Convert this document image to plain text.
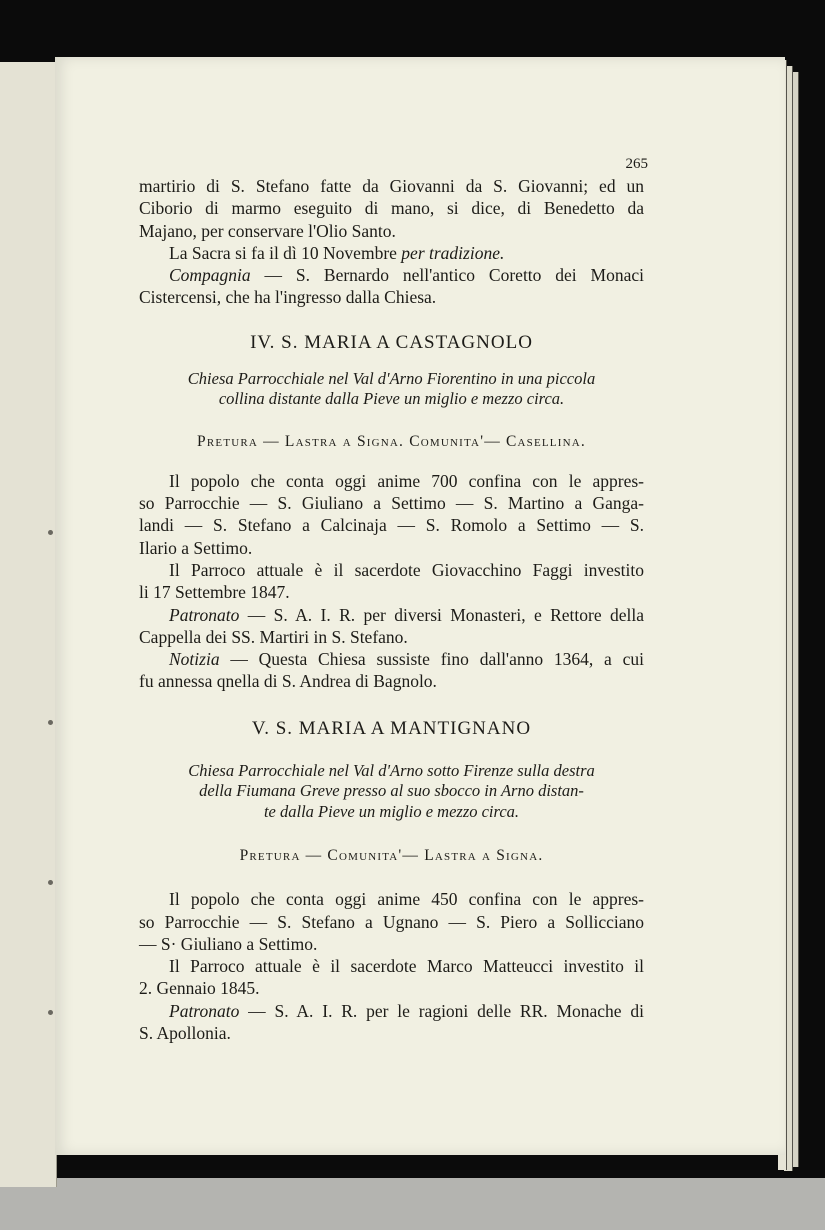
265
martirio di S. Stefano fatte da Giovanni da S. Giovanni; ed un
Ciborio di marmo eseguito di mano, si dice, di Benedetto da
Majano, per conservare l'Olio Santo.
La Sacra si fa il dì 10 Novembre per tradizione.
Compagnia — S. Bernardo nell'antico Coretto dei Monaci
Cistercensi, che ha l'ingresso dalla Chiesa.
IV. S. MARIA A CASTAGNOLO
Chiesa Parrocchiale nel Val d'Arno Fiorentino in una piccola
collina distante dalla Pieve un miglio e mezzo circa.
Pretura — Lastra a Signa. Comunita'— Casellina.
Il popolo che conta oggi anime 700 confina con le appres-
so Parrocchie — S. Giuliano a Settimo — S. Martino a Ganga-
landi — S. Stefano a Calcinaja — S. Romolo a Settimo — S.
Ilario a Settimo.
Il Parroco attuale è il sacerdote Giovacchino Faggi investito
li 17 Settembre 1847.
Patronato — S. A. I. R. per diversi Monasteri, e Rettore della
Cappella dei SS. Martiri in S. Stefano.
Notizia — Questa Chiesa sussiste fino dall'anno 1364, a cui
fu annessa qnella di S. Andrea di Bagnolo.
V. S. MARIA A MANTIGNANO
Chiesa Parrocchiale nel Val d'Arno sotto Firenze sulla destra
della Fiumana Greve presso al suo sbocco in Arno distan-
te dalla Pieve un miglio e mezzo circa.
Pretura — Comunita'— Lastra a Signa.
Il popolo che conta oggi anime 450 confina con le appres-
so Parrocchie — S. Stefano a Ugnano — S. Piero a Sollicciano
— S· Giuliano a Settimo.
Il Parroco attuale è il sacerdote Marco Matteucci investito il
2. Gennaio 1845.
Patronato — S. A. I. R. per le ragioni delle RR. Monache di
S. Apollonia.
